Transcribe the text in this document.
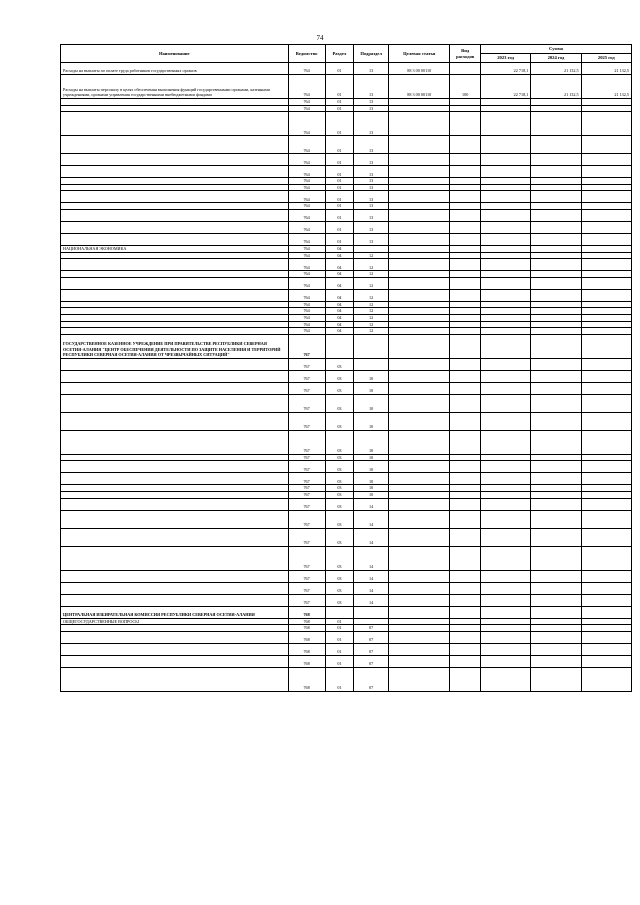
74
Наименование	Ведомство	Раздел	Подраздел	Целевая статья	Вид расходов	Сумма		
						2023 год	2024 год	2025 год
Расходы на выплаты по оплате труда работников государственных органов	764	01	13	88 3 00 00110		22 718,1	21 132,5	21 132,5
Расходы на выплаты персоналу в целях обеспечения выполнения функций государственными органами, казенными учреждениями, органами управления государственными внебюджетными фондами	764	01	13	88 3 00 00110	100	22 718,1	21 132,5	21 132,5
	764	01	13					
	764	01	13					
	764	01	13					
	764	01	13					
	764	01	13					
	764	01	13					
	764	01	13					
	764	01	13					
	764	01	13					
	764	01	13					
	764	01	13					
	764	01	13					
	764	01	13					
НАЦИОНАЛЬНАЯ ЭКОНОМИКА	764	04						
	764	04	12					
	764	04	12					
	764	04	12					
	764	04	12					
	764	04	12					
	764	04	12					
	764	04	12					
	764	04	12					
	764	04	12					
	764	04	12					
ГОСУДАРСТВЕННОЕ КАЗЕННОЕ УЧРЕЖДЕНИЕ ПРИ ПРАВИТЕЛЬСТВЕ РЕСПУБЛИКИ СЕВЕРНАЯ ОСЕТИЯ-АЛАНИЯ "ЦЕНТР ОБЕСПЕЧЕНИЯ ДЕЯТЕЛЬНОСТИ ПО ЗАЩИТЕ НАСЕЛЕНИЯ И ТЕРРИТОРИЙ РЕСПУБЛИКИ СЕВЕРНАЯ ОСЕТИЯ-АЛАНИЯ ОТ ЧРЕЗВЫЧАЙНЫХ СИТУАЦИЙ"	767							
	767	03						
	767	03	10					
	767	03	10					
	767	03	10					
	767	03	10					
	767	03	10					
	767	03	10					
	767	03	10					
	767	03	10					
	767	03	10					
	767	03	10					
	767	03	14					
	767	03	14					
	767	03	14					
	767	03	14					
	767	03	14					
	767	03	14					
	767	03	14					
ЦЕНТРАЛЬНАЯ ИЗБИРАТЕЛЬНАЯ КОМИССИЯ РЕСПУБЛИКИ СЕВЕРНАЯ ОСЕТИЯ-АЛАНИЯ	768							
ОБЩЕГОСУДАРСТВЕННЫЕ ВОПРОСЫ	768	01						
	768	01	07					
	768	01	07					
	768	01	07					
	768	01	07					
	768	01	07					
